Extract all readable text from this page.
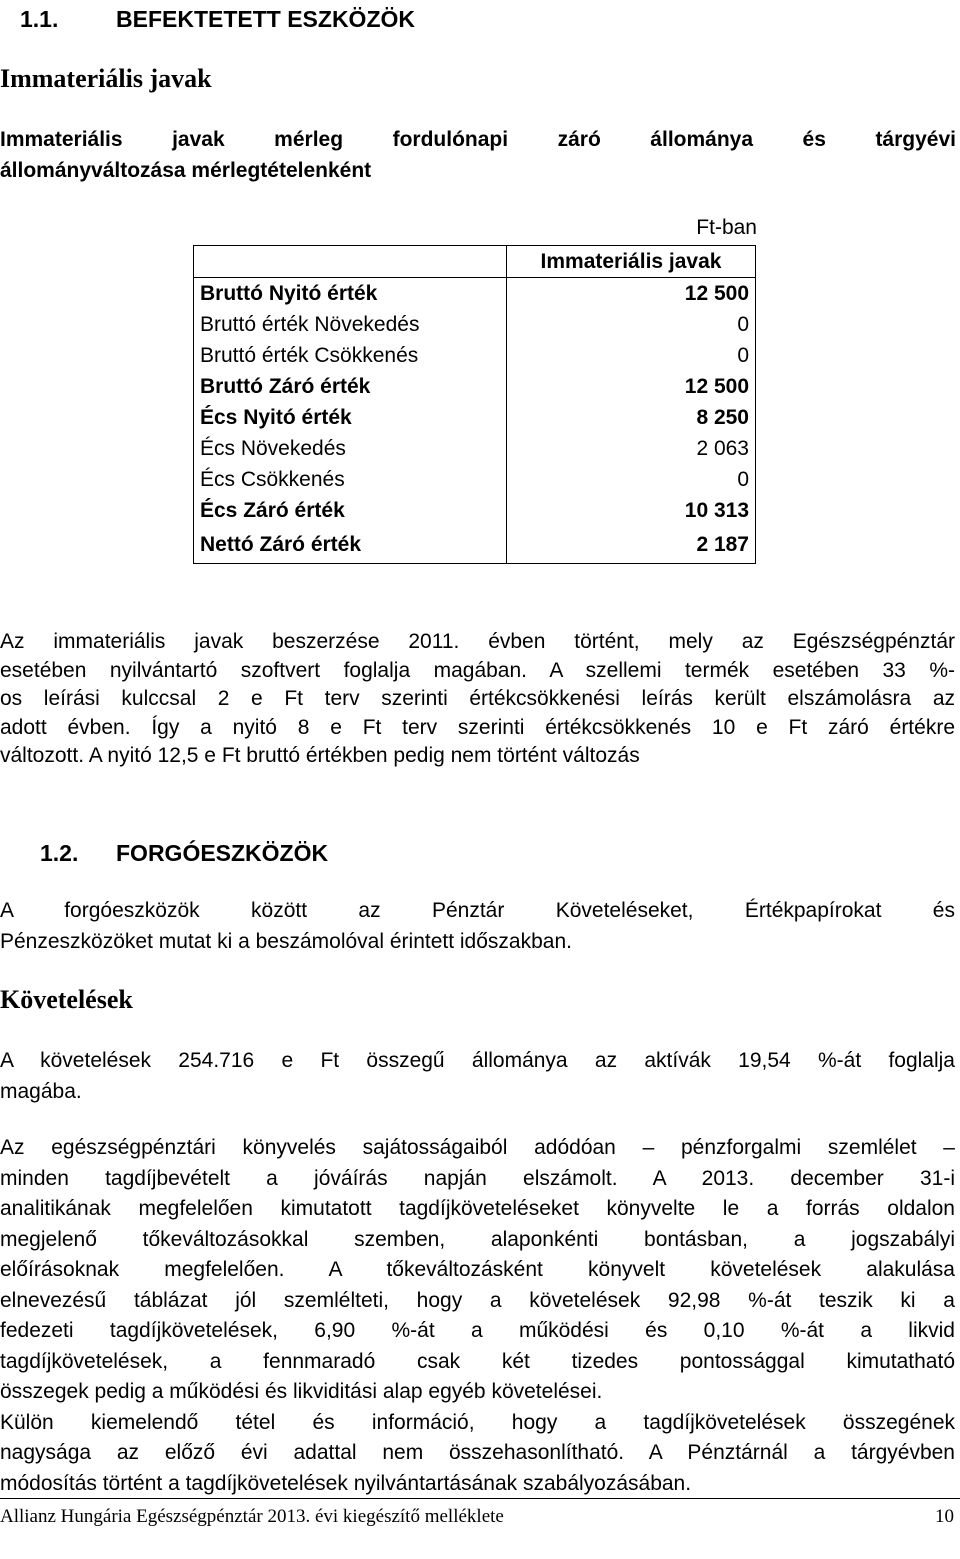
1.1.	BEFEKTETETT ESZKÖZÖK
Immateriális javak
Immateriális javak mérleg fordulónapi záró állománya és tárgyévi
állományváltozása mérlegtételenként
Ft-ban
	Immateriális javak
Bruttó Nyitó érték	12 500
Bruttó érték Növekedés	0
Bruttó érték Csökkenés	0
Bruttó Záró érték	12 500
Écs Nyitó érték	8 250
Écs Növekedés	2 063
Écs Csökkenés	0
Écs Záró érték	10 313
Nettó Záró érték	2 187
Az immateriális javak beszerzése 2011. évben történt, mely az Egészségpénztár
esetében nyilvántartó szoftvert foglalja magában. A szellemi termék esetében 33 %-
os leírási kulccsal 2 e Ft terv szerinti értékcsökkenési leírás került elszámolásra az
adott évben. Így a nyitó 8 e Ft terv szerinti értékcsökkenés 10 e Ft záró értékre
változott. A nyitó 12,5 e Ft bruttó értékben pedig nem történt változás
1.2. FORGÓESZKÖZÖK
A forgóeszközök között az Pénztár Követeléseket, Értékpapírokat és
Pénzeszközöket mutat ki a beszámolóval érintett időszakban.
Követelések
A követelések 254.716 e Ft összegű állománya az aktívák 19,54 %-át foglalja
magába.
Az egészségpénztári könyvelés sajátosságaiból adódóan – pénzforgalmi szemlélet –
minden tagdíjbevételt a jóváírás napján elszámolt. A 2013. december 31-i
analitikának megfelelően kimutatott tagdíjköveteléseket könyvelte le a forrás oldalon
megjelenő tőkeváltozásokkal szemben, alaponkénti bontásban, a jogszabályi
előírásoknak megfelelően. A tőkeváltozásként könyvelt követelések alakulása
elnevezésű táblázat jól szemlélteti, hogy a követelések 92,98 %-át teszik ki a
fedezeti tagdíjkövetelések, 6,90 %-át a működési és 0,10 %-át a likvid
tagdíjkövetelések, a fennmaradó csak két tizedes pontossággal kimutatható
összegek pedig a működési és likviditási alap egyéb követelései.
Külön kiemelendő tétel és információ, hogy a tagdíjkövetelések összegének
nagysága az előző évi adattal nem összehasonlítható. A Pénztárnál a tárgyévben
módosítás történt a tagdíjkövetelések nyilvántartásának szabályozásában.
Allianz Hungária Egészségpénztár 2013. évi kiegészítő melléklete	10
